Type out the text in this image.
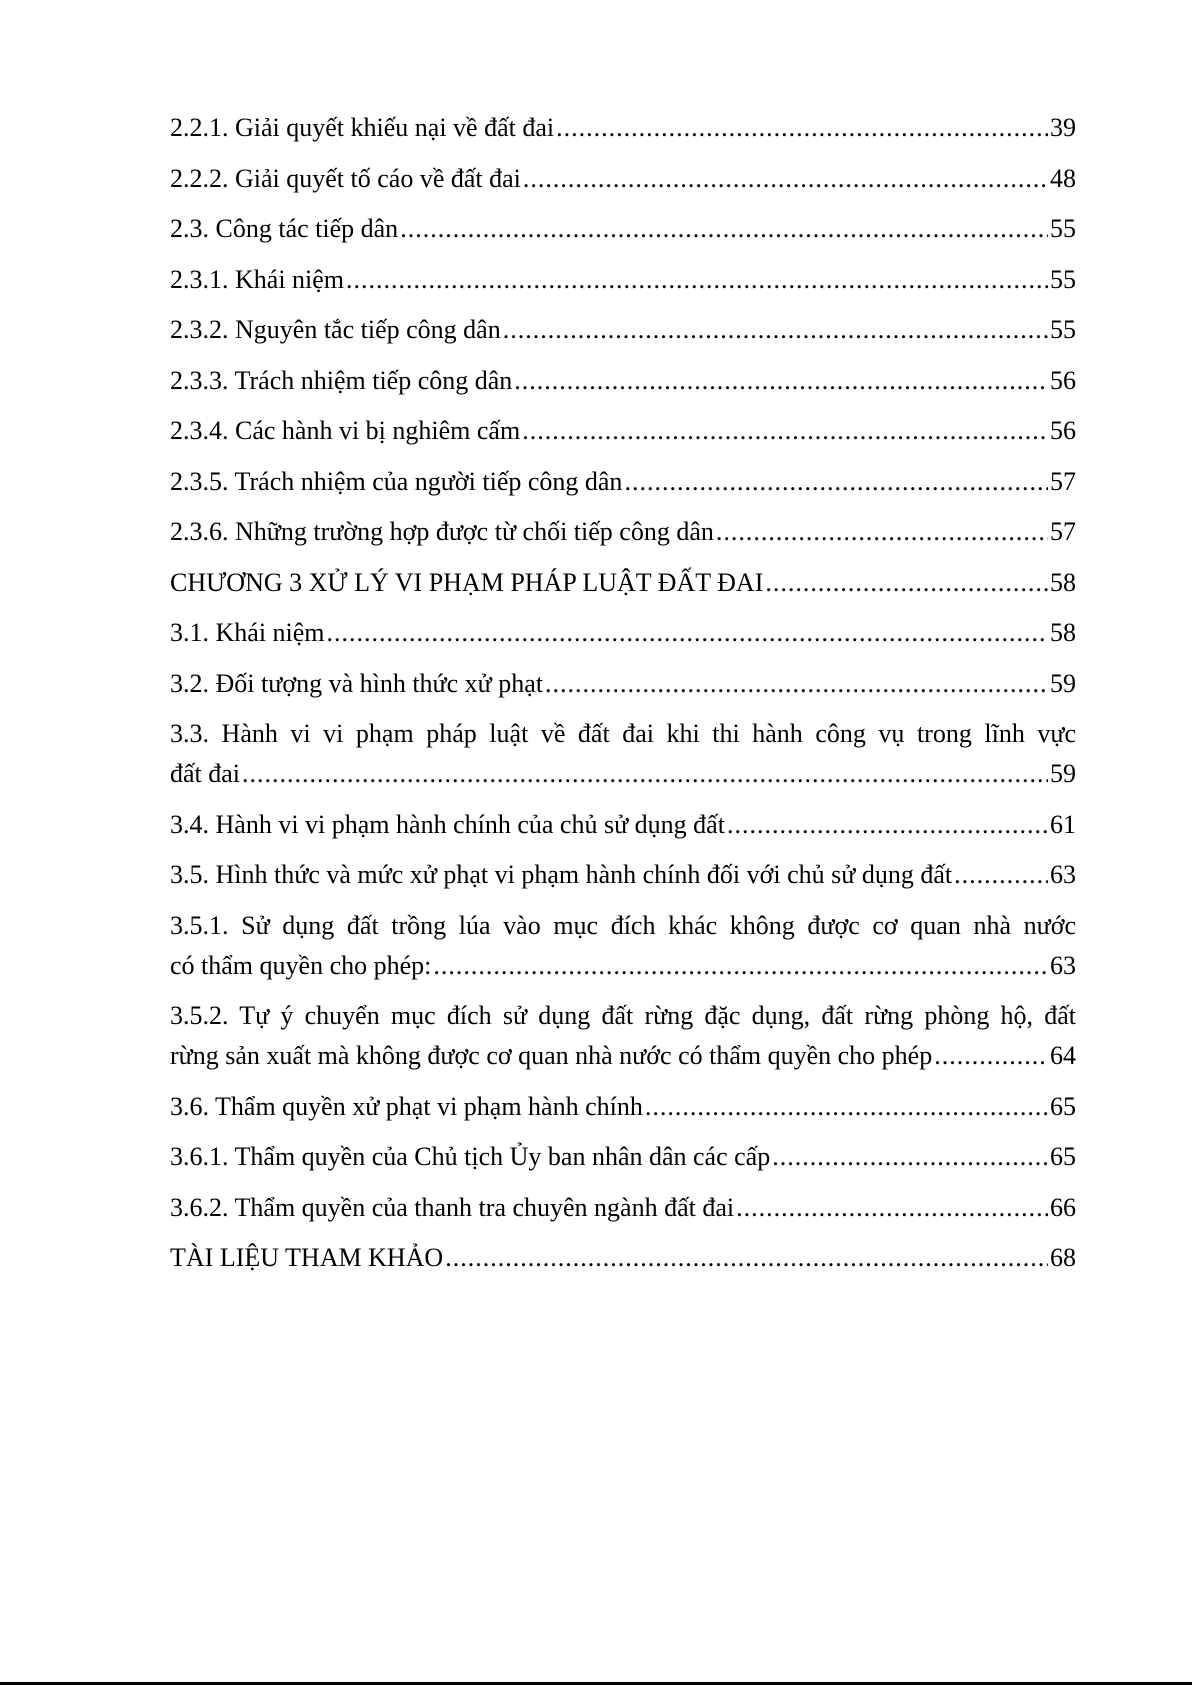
2.2.1. Giải quyết khiếu nại về đất đai .....	39
2.2.2. Giải quyết tố cáo về đất đai .....	48
2.3. Công tác tiếp dân .....	55
2.3.1. Khái niệm .....	55
2.3.2. Nguyên tắc tiếp công dân .....	55
2.3.3. Trách nhiệm tiếp công dân .....	56
2.3.4. Các hành vi bị nghiêm cấm .....	56
2.3.5. Trách nhiệm của người tiếp công dân .....	57
2.3.6. Những trường hợp được từ chối tiếp công dân .....	57
CHƯƠNG 3 XỬ LÝ VI PHẠM PHÁP LUẬT ĐẤT ĐAI .....	58
3.1. Khái niệm .....	58
3.2. Đối tượng và hình thức xử phạt .....	59
3.3. Hành vi vi phạm pháp luật về đất đai khi thi hành công vụ trong lĩnh vực
đất đai .....	59
3.4. Hành vi vi phạm hành chính của chủ sử dụng đất .....	61
3.5. Hình thức và mức xử phạt vi phạm hành chính đối với chủ sử dụng đất .....	63
3.5.1. Sử dụng đất trồng lúa vào mục đích khác không được cơ quan nhà nước
có thẩm quyền cho phép: .....	63
3.5.2. Tự ý chuyển mục đích sử dụng đất rừng đặc dụng, đất rừng phòng hộ, đất
rừng sản xuất mà không được cơ quan nhà nước có thẩm quyền cho phép .....	64
3.6. Thẩm quyền xử phạt vi phạm hành chính .....	65
3.6.1. Thẩm quyền của Chủ tịch Ủy ban nhân dân các cấp .....	65
3.6.2. Thẩm quyền của thanh tra chuyên ngành đất đai .....	66
TÀI LIỆU THAM KHẢO .....	68
